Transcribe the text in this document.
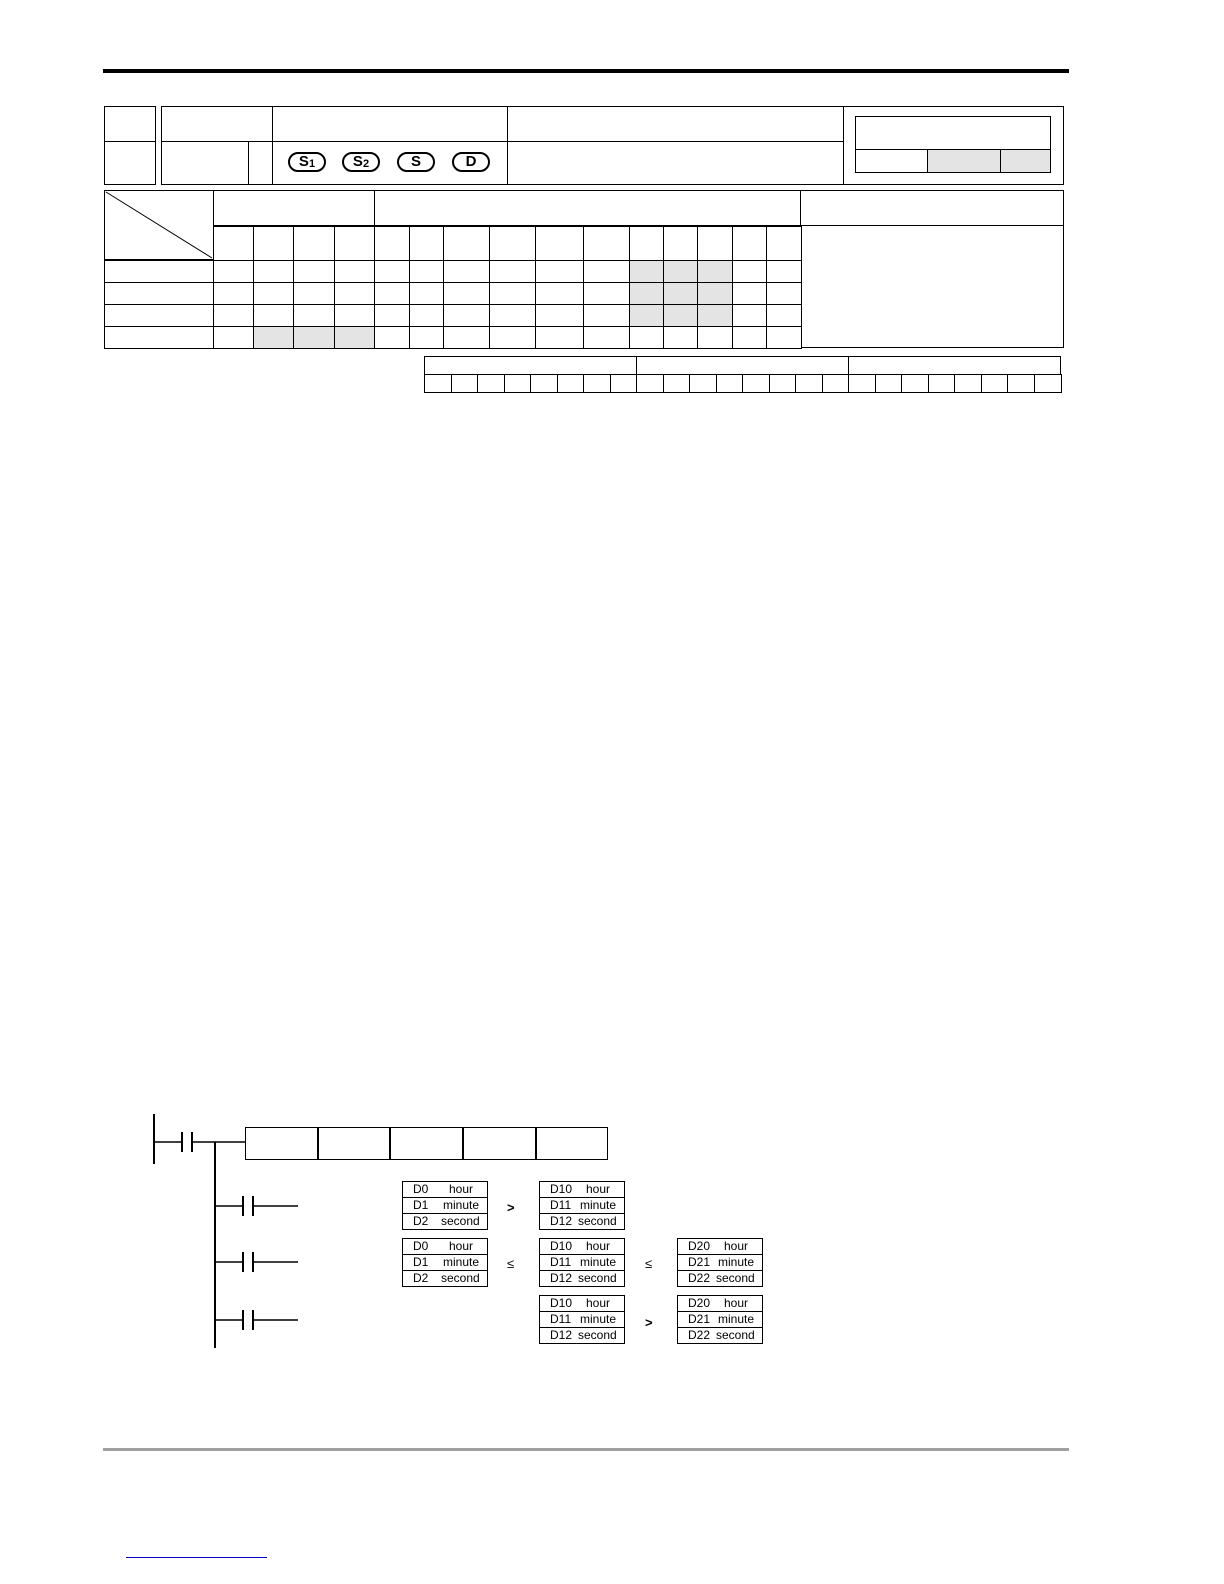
$S_1$	$S_2$	S	D
D0 hour
D1 minute
D2 second
D10 hour
D11 minute
D12 second
D0 hour
D1 minute
D2 second
D10 hour
D11 minute
D12 second
D20 hour
D21 minute
D22 second
D10 hour
D11 minute
D12 second
D20 hour
D21 minute
D22 second
>
≤	≤
>
